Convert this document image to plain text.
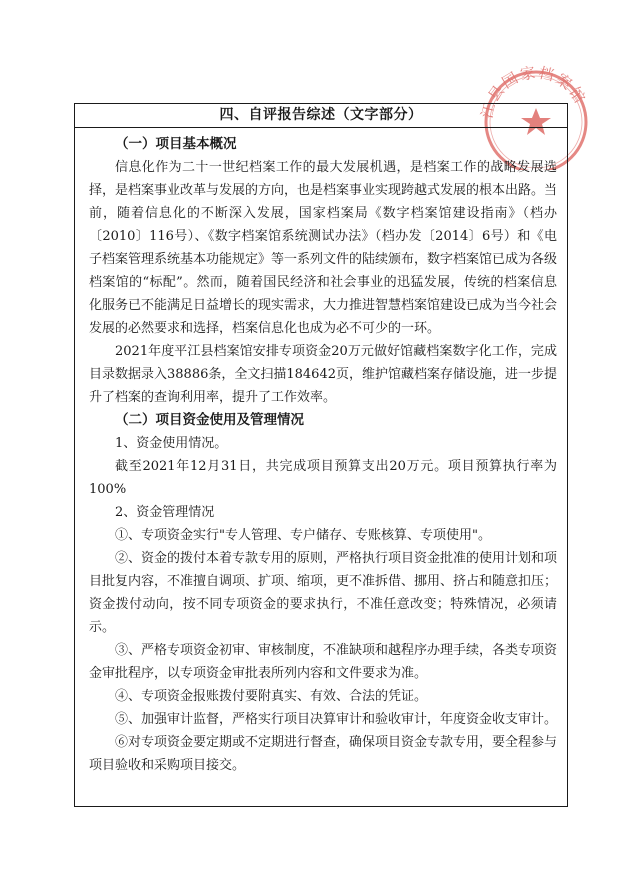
江县国家档案馆
四、自评报告综述（文字部分）

（一）项目基本概况

信息化作为二十一世纪档案工作的最大发展机遇，是档案工作的战略发展选择，是档案事业改革与发展的方向，也是档案事业实现跨越式发展的根本出路。当前，随着信息化的不断深入发展，国家档案局《数字档案馆建设指南》（档办〔2010〕116号）、《数字档案馆系统测试办法》（档办发〔2014〕6号）和《电子档案管理系统基本功能规定》等一系列文件的陆续颁布，数字档案馆已成为各级档案馆的“标配”。然而，随着国民经济和社会事业的迅猛发展，传统的档案信息化服务已不能满足日益增长的现实需求，大力推进智慧档案馆建设已成为当今社会发展的必然要求和选择，档案信息化也成为必不可少的一环。

2021年度平江县档案馆安排专项资金20万元做好馆藏档案数字化工作，完成目录数据录入38886条，全文扫描184642页，维护馆藏档案存储设施，进一步提升了档案的查询利用率，提升了工作效率。

（二）项目资金使用及管理情况

1、资金使用情况。

截至2021年12月31日，共完成项目预算支出20万元。项目预算执行率为100%

2、资金管理情况

①、专项资金实行"专人管理、专户储存、专账核算、专项使用"。

②、资金的拨付本着专款专用的原则，严格执行项目资金批准的使用计划和项目批复内容，不准擅自调项、扩项、缩项，更不准拆借、挪用、挤占和随意扣压；资金拨付动向，按不同专项资金的要求执行，不准任意改变；特殊情况，必须请示。

③、严格专项资金初审、审核制度，不准缺项和越程序办理手续，各类专项资金审批程序，以专项资金审批表所列内容和文件要求为准。

④、专项资金报账拨付要附真实、有效、合法的凭证。

⑤、加强审计监督，严格实行项目决算审计和验收审计，年度资金收支审计。

⑥对专项资金要定期或不定期进行督查，确保项目资金专款专用，要全程参与项目验收和采购项目接交。
